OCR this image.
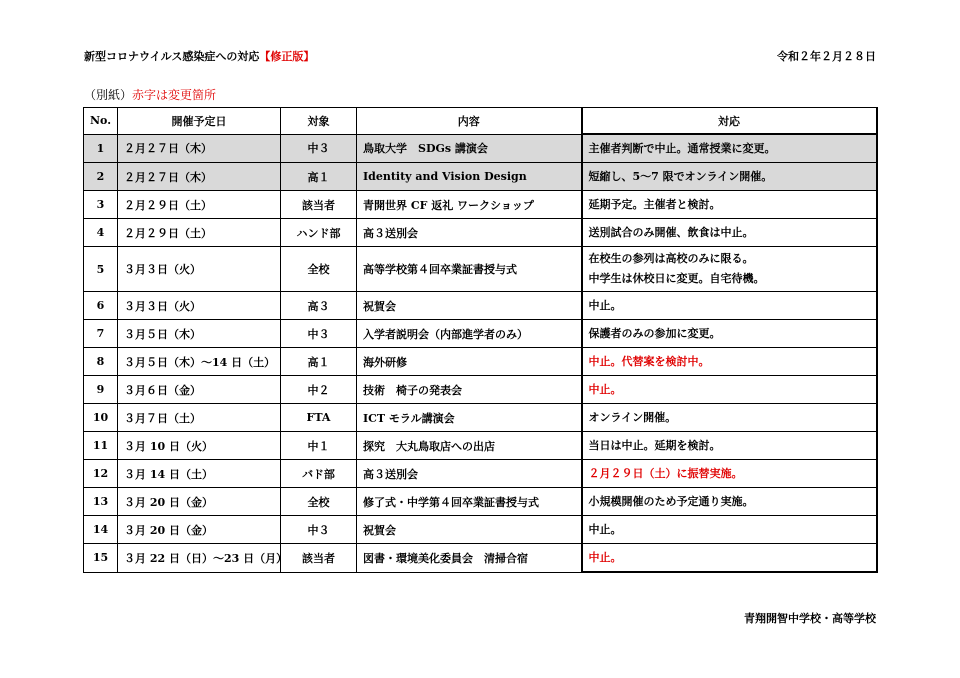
新型コロナウイルス感染症への対応【修正版】	令和２年２月２８日
（別紙）赤字は変更箇所
No.	開催予定日	対象	内容	対応
1	２月２７日（木）	中３	鳥取大学　SDGs 講演会	主催者判断で中止。通常授業に変更。

2	２月２７日（木）	高１	Identity and Vision Design	短縮し、5～7 限でオンライン開催。

3	２月２９日（土）	該当者	青開世界 CF 返礼 ワークショップ	延期予定。主催者と検討。

4	２月２９日（土）	ハンド部	高３送別会	送別試合のみ開催、飲食は中止。

5	３月３日（火）	全校	高等学校第４回卒業証書授与式	在校生の参列は高校のみに限る。
中学生は休校日に変更。自宅待機。

6	３月３日（火）	高３	祝賀会	中止。

7	３月５日（木）	中３	入学者説明会（内部進学者のみ）	保護者のみの参加に変更。

8	３月５日（木）～14 日（土）	高１	海外研修	中止。代替案を検討中。

9	３月６日（金）	中２	技術　椅子の発表会	中止。

10	３月７日（土）	FTA	ICT モラル講演会	オンライン開催。

11	３月 10 日（火）	中１	探究　大丸鳥取店への出店	当日は中止。延期を検討。

12	３月 14 日（土）	バド部	高３送別会	２月２９日（土）に振替実施。

13	３月 20 日（金）	全校	修了式・中学第４回卒業証書授与式	小規模開催のため予定通り実施。

14	３月 20 日（金）	中３	祝賀会	中止。

15	３月 22 日（日）～23 日（月）	該当者	図書・環境美化委員会　清掃合宿	中止。
青翔開智中学校・高等学校
